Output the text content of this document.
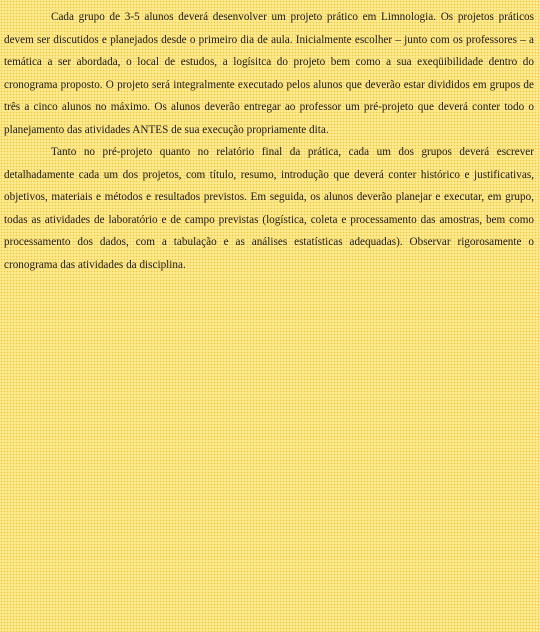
Cada grupo de 3-5 alunos deverá desenvolver um projeto prático em Limnologia. Os projetos práticos devem ser discutidos e planejados desde o primeiro dia de aula. Inicialmente escolher – junto com os professores – a temática a ser abordada, o local de estudos, a logísitca do projeto bem como a sua exeqüibilidade dentro do cronograma proposto. O projeto será integralmente executado pelos alunos que deverão estar divididos em grupos de três a cinco alunos no máximo. Os alunos deverão entregar ao professor um pré-projeto que deverá conter todo o planejamento das atividades ANTES de sua execução propriamente dita.

Tanto no pré-projeto quanto no relatório final da prática, cada um dos grupos deverá escrever detalhadamente cada um dos projetos, com título, resumo, introdução que deverá conter histórico e justificativas, objetivos, materiais e métodos e resultados previstos. Em seguida, os alunos deverão planejar e executar, em grupo, todas as atividades de laboratório e de campo previstas (logística, coleta e processamento das amostras, bem como processamento dos dados, com a tabulação e as análises estatísticas adequadas). Observar rigorosamente o cronograma das atividades da disciplina.
